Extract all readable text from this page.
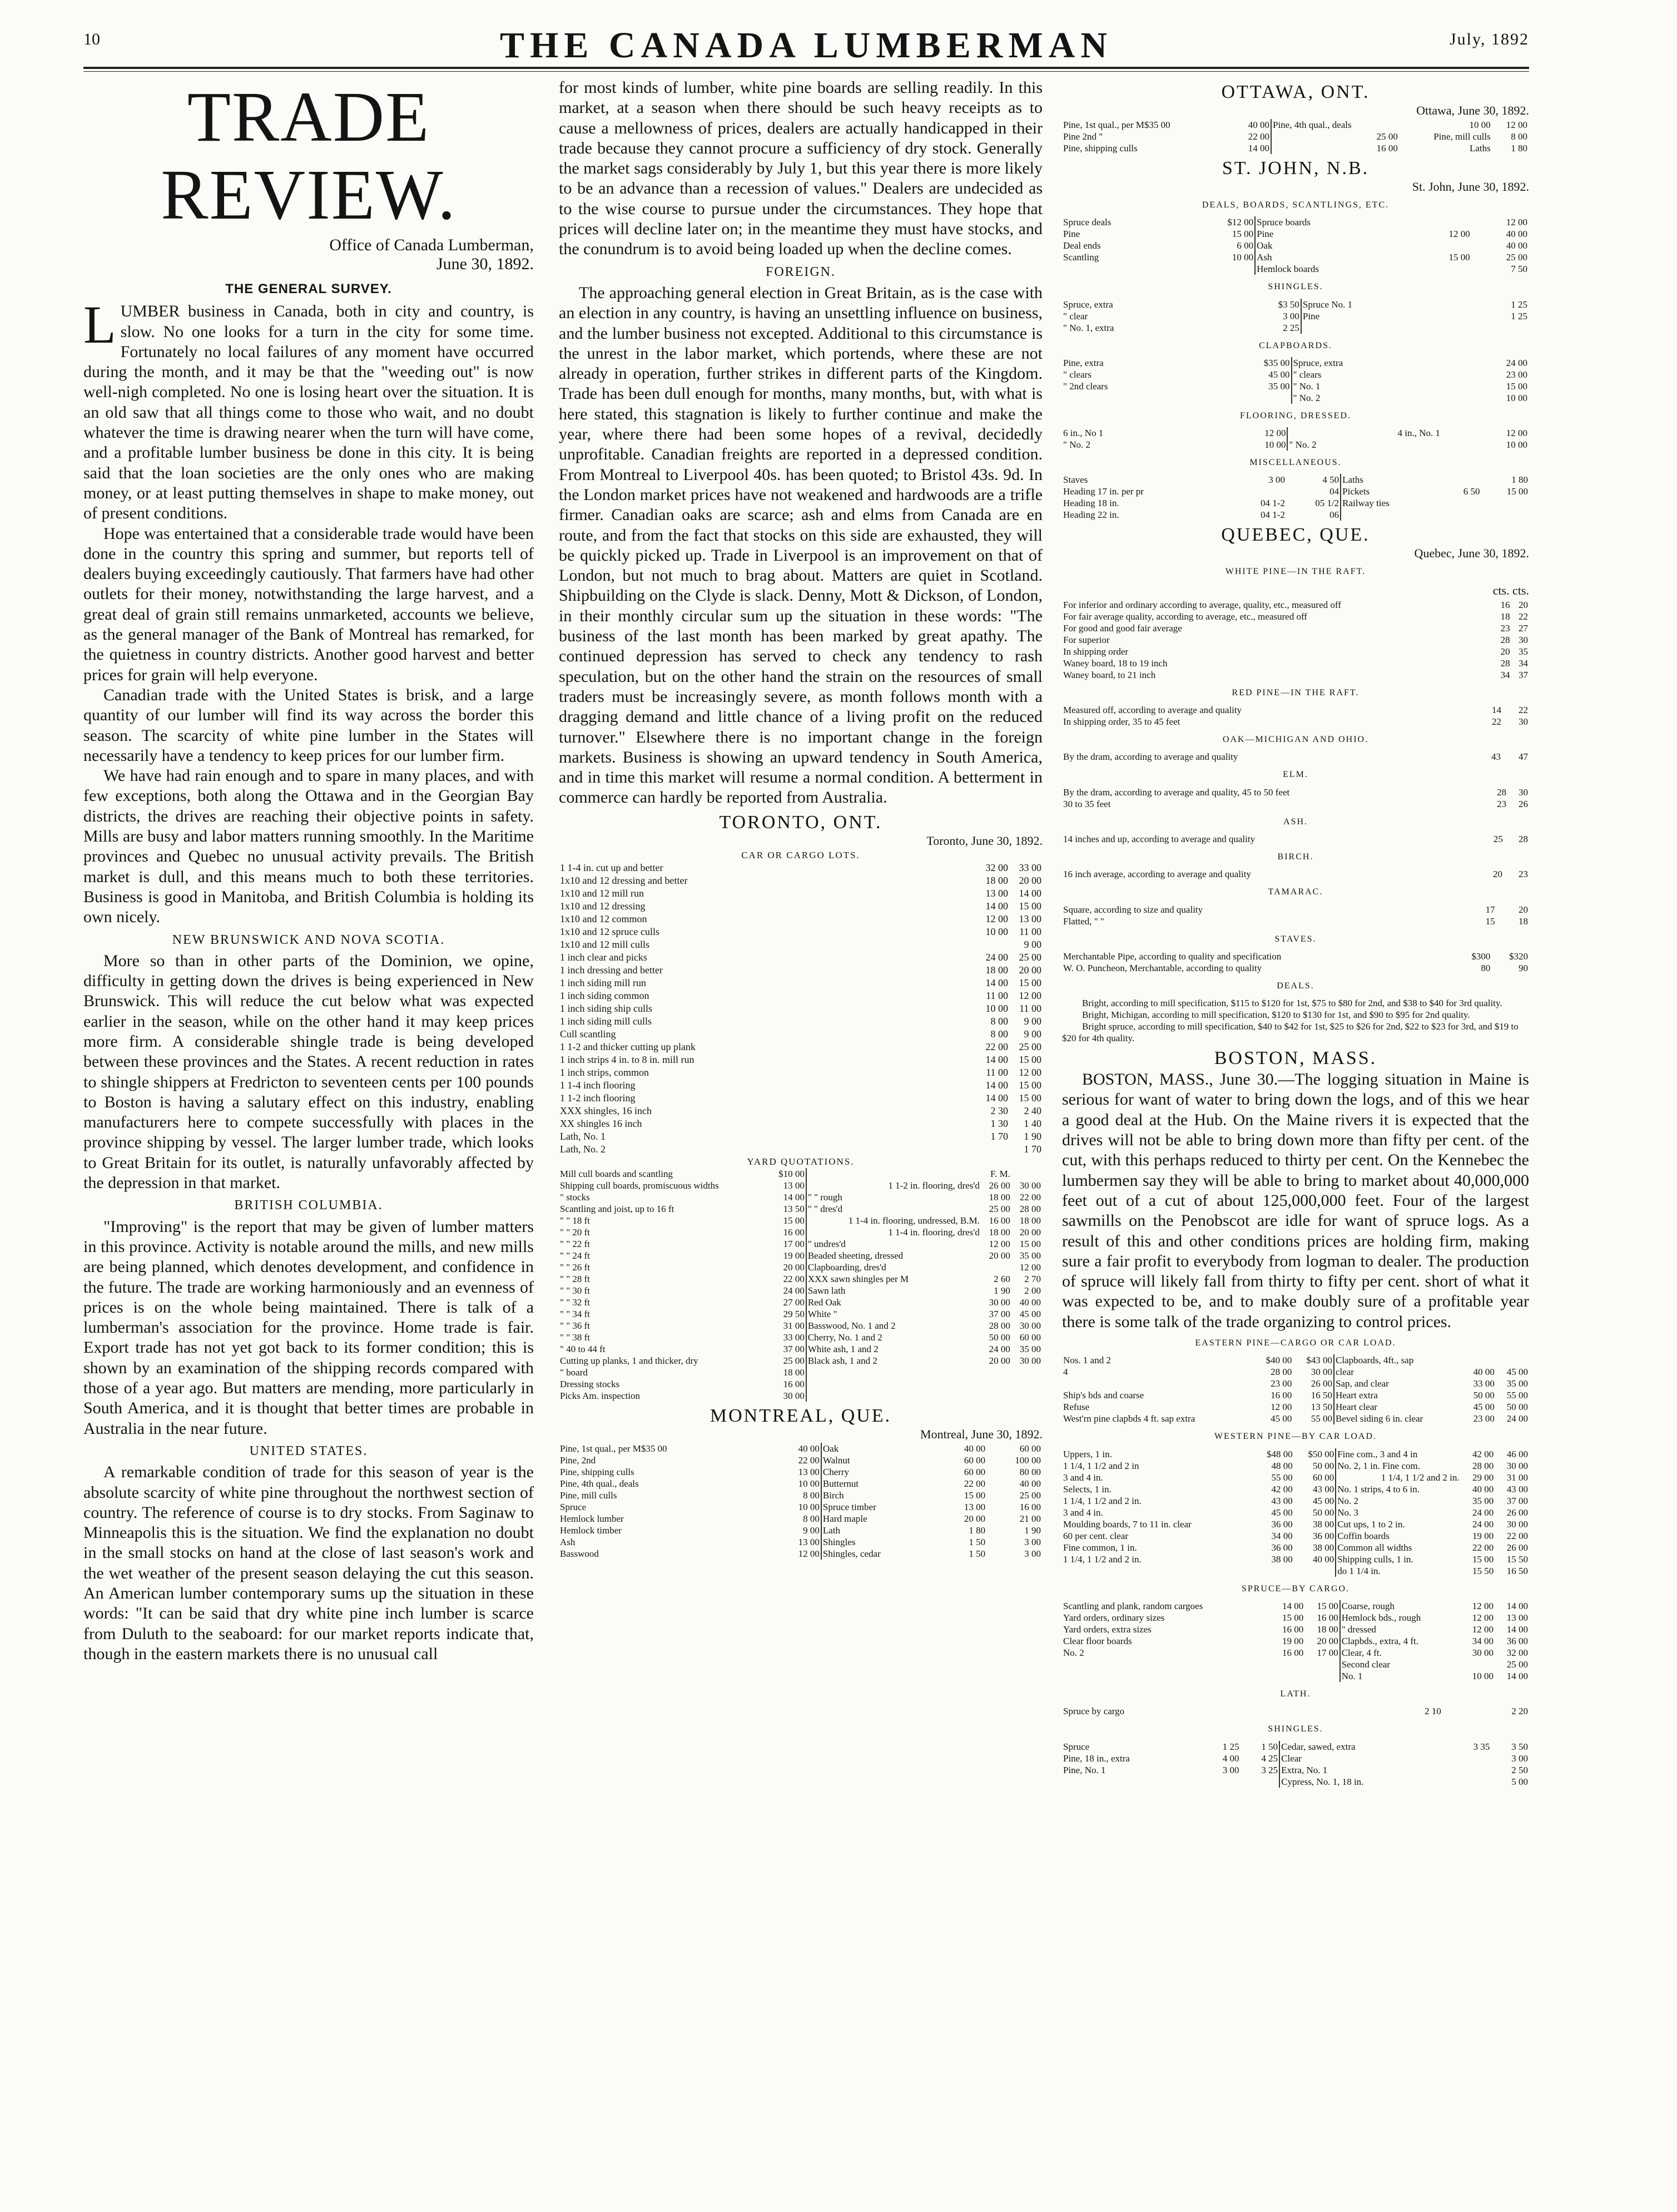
10	THE CANADA LUMBERMAN	July, 1892
TRADE REVIEW.
Office of Canada Lumberman,
June 30, 1892.
THE GENERAL SURVEY.

LUMBER business in Canada, both in city and country, is slow. No one looks for a turn in the city for some time. Fortunately no local failures of any moment have occurred during the month, and it may be that the "weeding out" is now well-nigh completed. No one is losing heart over the situation. It is an old saw that all things come to those who wait, and no doubt whatever the time is drawing nearer when the turn will have come, and a profitable lumber business be done in this city. It is being said that the loan societies are the only ones who are making money, or at least putting themselves in shape to make money, out of present conditions.

Hope was entertained that a considerable trade would have been done in the country this spring and summer, but reports tell of dealers buying exceedingly cautiously. That farmers have had other outlets for their money, notwithstanding the large harvest, and a great deal of grain still remains unmarketed, accounts we believe, as the general manager of the Bank of Montreal has remarked, for the quietness in country districts. Another good harvest and better prices for grain will help everyone.

Canadian trade with the United States is brisk, and a large quantity of our lumber will find its way across the border this season. The scarcity of white pine lumber in the States will necessarily have a tendency to keep prices for our lumber firm.

We have had rain enough and to spare in many places, and with few exceptions, both along the Ottawa and in the Georgian Bay districts, the drives are reaching their objective points in safety. Mills are busy and labor matters running smoothly. In the Maritime provinces and Quebec no unusual activity prevails. The British market is dull, and this means much to both these territories. Business is good in Manitoba, and British Columbia is holding its own nicely.

NEW BRUNSWICK AND NOVA SCOTIA.

More so than in other parts of the Dominion, we opine, difficulty in getting down the drives is being experienced in New Brunswick. This will reduce the cut below what was expected earlier in the season, while on the other hand it may keep prices more firm. A considerable shingle trade is being developed between these provinces and the States. A recent reduction in rates to shingle shippers at Fredricton to seventeen cents per 100 pounds to Boston is having a salutary effect on this industry, enabling manufacturers here to compete successfully with places in the province shipping by vessel. The larger lumber trade, which looks to Great Britain for its outlet, is naturally unfavorably affected by the depression in that market.

BRITISH COLUMBIA.

"Improving" is the report that may be given of lumber matters in this province. Activity is notable around the mills, and new mills are being planned, which denotes development, and confidence in the future. The trade are working harmoniously and an evenness of prices is on the whole being maintained. There is talk of a lumberman's association for the province. Home trade is fair. Export trade has not yet got back to its former condition; this is shown by an examination of the shipping records compared with those of a year ago. But matters are mending, more particularly in South America, and it is thought that better times are probable in Australia in the near future.

UNITED STATES.

A remarkable condition of trade for this season of year is the absolute scarcity of white pine throughout the northwest section of country. The reference of course is to dry stocks. From Saginaw to Minneapolis this is the situation. We find the explanation no doubt in the small stocks on hand at the close of last season's work and the wet weather of the present season delaying the cut this season. An American lumber contemporary sums up the situation in these words: "It can be said that dry white pine inch lumber is scarce from Duluth to the seaboard: for our market reports indicate that, though in the eastern markets there is no unusual call

for most kinds of lumber, white pine boards are selling readily. In this market, at a season when there should be such heavy receipts as to cause a mellowness of prices, dealers are actually handicapped in their trade because they cannot procure a sufficiency of dry stock. Generally the market sags considerably by July 1, but this year there is more likely to be an advance than a recession of values." Dealers are undecided as to the wise course to pursue under the circumstances. They hope that prices will decline later on; in the meantime they must have stocks, and the conundrum is to avoid being loaded up when the decline comes.

FOREIGN.

The approaching general election in Great Britain, as is the case with an election in any country, is having an unsettling influence on business, and the lumber business not excepted. Additional to this circumstance is the unrest in the labor market, which portends, where these are not already in operation, further strikes in different parts of the Kingdom. Trade has been dull enough for months, many months, but, with what is here stated, this stagnation is likely to further continue and make the year, where there had been some hopes of a revival, decidedly unprofitable. Canadian freights are reported in a depressed condition. From Montreal to Liverpool 40s. has been quoted; to Bristol 43s. 9d. In the London market prices have not weakened and hardwoods are a trifle firmer. Canadian oaks are scarce; ash and elms from Canada are en route, and from the fact that stocks on this side are exhausted, they will be quickly picked up. Trade in Liverpool is an improvement on that of London, but not much to brag about. Matters are quiet in Scotland. Shipbuilding on the Clyde is slack. Denny, Mott & Dickson, of London, in their monthly circular sum up the situation in these words: "The business of the last month has been marked by great apathy. The continued depression has served to check any tendency to rash speculation, but on the other hand the strain on the resources of small traders must be increasingly severe, as month follows month with a dragging demand and little chance of a living profit on the reduced turnover." Elsewhere there is no important change in the foreign markets. Business is showing an upward tendency in South America, and in time this market will resume a normal condition. A betterment in commerce can hardly be reported from Australia.

TORONTO, ONT.
Toronto, June 30, 1892.
CAR OR CARGO LOTS.
1 1-4 in. cut up and better	32 00	33 00
1x10 and 12 dressing and better	18 00	20 00
1x10 and 12 mill run	13 00	14 00
1x10 and 12 dressing	14 00	15 00
1x10 and 12 common	12 00	13 00
1x10 and 12 spruce culls	10 00	11 00
1x10 and 12 mill culls		9 00
1 inch clear and picks	24 00	25 00
1 inch dressing and better	18 00	20 00
1 inch siding mill run	14 00	15 00
1 inch siding common	11 00	12 00
1 inch siding ship culls	10 00	11 00
1 inch siding mill culls	8 00	9 00
Cull scantling	8 00	9 00
1 1-2 and thicker cutting up plank	22 00	25 00
1 inch strips 4 in. to 8 in. mill run	14 00	15 00
1 inch strips, common	11 00	12 00
1 1-4 inch flooring	14 00	15 00
1 1-2 inch flooring	14 00	15 00
XXX shingles, 16 inch	2 30	2 40
XX shingles 16 inch	1 30	1 40
Lath, No. 1	1 70	1 90
Lath, No. 2		1 70
YARD QUOTATIONS.
Mill cull boards and scantling	$10 00		F. M.	
Shipping cull boards, promiscuous widths	13 00	1 1-2 in. flooring, dres'd	26 00	30 00
" stocks	14 00	" " rough	18 00	22 00
Scantling and joist, up to 16 ft	13 50	" " dres'd	25 00	28 00
" " 18 ft	15 00	1 1-4 in. flooring, undressed, B.M.	16 00	18 00
" " 20 ft	16 00	1 1-4 in. flooring, dres'd	18 00	20 00
" " 22 ft	17 00	" undres'd	12 00	15 00
" " 24 ft	19 00	Beaded sheeting, dressed	20 00	35 00
" " 26 ft	20 00	Clapboarding, dres'd		12 00
" " 28 ft	22 00	XXX sawn shingles per M	2 60	2 70
" " 30 ft	24 00	Sawn lath	1 90	2 00
" " 32 ft	27 00	Red Oak	30 00	40 00
" " 34 ft	29 50	White "	37 00	45 00
" " 36 ft	31 00	Basswood, No. 1 and 2	28 00	30 00
" " 38 ft	33 00	Cherry, No. 1 and 2	50 00	60 00
" 40 to 44 ft	37 00	White ash, 1 and 2	24 00	35 00
Cutting up planks, 1 and thicker, dry	25 00	Black ash, 1 and 2	20 00	30 00
" board	18 00			
Dressing stocks	16 00			
Picks Am. inspection	30 00			
MONTREAL, QUE.
Montreal, June 30, 1892.
Pine, 1st qual., per M$35 00	40 00	Oak	40 00	60 00
Pine, 2nd	22 00	Walnut	60 00	100 00
Pine, shipping culls	13 00	Cherry	60 00	80 00
Pine, 4th qual., deals	10 00	Butternut	22 00	40 00
Pine, mill culls	8 00	Birch	15 00	25 00
Spruce	10 00	Spruce timber	13 00	16 00
Hemlock lumber	8 00	Hard maple	20 00	21 00
Hemlock timber	9 00	Lath	1 80	1 90
Ash	13 00	Shingles	1 50	3 00
Basswood	12 00	Shingles, cedar	1 50	3 00
OTTAWA, ONT.
Ottawa, June 30, 1892.
Pine, 1st qual., per M$35 00	40 00	Pine, 4th qual., deals	10 00	12 00
Pine 2nd "	22 00	25 00	Pine, mill culls	8 00
Pine, shipping culls	14 00	16 00	Laths	1 80
ST. JOHN, N.B.
St. John, June 30, 1892.
DEALS, BOARDS, SCANTLINGS, ETC.
Spruce deals	$12 00	Spruce boards		12 00
Pine	15 00	Pine	12 00	40 00
Deal ends	6 00	Oak		40 00
Scantling	10 00	Ash	15 00	25 00
		Hemlock boards		7 50
SHINGLES.
Spruce, extra	$3 50	Spruce No. 1		1 25
" clear	3 00	Pine		1 25
" No. 1, extra	2 25			
CLAPBOARDS.
Pine, extra	$35 00	Spruce, extra		24 00
" clears	45 00	" clears		23 00
" 2nd clears	35 00	" No. 1		15 00
		" No. 2		10 00
FLOORING, DRESSED.
6 in., No 1	12 00	4 in., No. 1		12 00
" No. 2	10 00	" No. 2		10 00
MISCELLANEOUS.
Staves	3 00	4 50	Laths		1 80
Heading 17 in. per pr		04	Pickets	6 50	15 00
Heading 18 in.	04 1-2	05 1/2	Railway ties		
Heading 22 in.	04 1-2	06			
QUEBEC, QUE.
Quebec, June 30, 1892.
WHITE PINE—IN THE RAFT.
cts. cts.
For inferior and ordinary according to average, quality, etc., measured off	16	20
For fair average quality, according to average, etc., measured off	18	22
For good and good fair average	23	27
For superior	28	30
In shipping order	20	35
Waney board, 18 to 19 inch	28	34
Waney board, to 21 inch	34	37
RED PINE—IN THE RAFT.
Measured off, according to average and quality	14	22
In shipping order, 35 to 45 feet	22	30
OAK—MICHIGAN AND OHIO.
By the dram, according to average and quality	43	47
ELM.
By the dram, according to average and quality, 45 to 50 feet	28	30
30 to 35 feet	23	26
ASH.
14 inches and up, according to average and quality	25	28
BIRCH.
16 inch average, according to average and quality	20	23
TAMARAC.
Square, according to size and quality	17	20
Flatted, " "	15	18
STAVES.
Merchantable Pipe, according to quality and specification	$300	$320
W. O. Puncheon, Merchantable, according to quality	80	90
DEALS.

Bright, according to mill specification, $115 to $120 for 1st, $75 to $80 for 2nd, and $38 to $40 for 3rd quality.

Bright, Michigan, according to mill specification, $120 to $130 for 1st, and $90 to $95 for 2nd quality.

Bright spruce, according to mill specification, $40 to $42 for 1st, $25 to $26 for 2nd, $22 to $23 for 3rd, and $19 to $20 for 4th quality.

BOSTON, MASS.

BOSTON, MASS., June 30.—The logging situation in Maine is serious for want of water to bring down the logs, and of this we hear a good deal at the Hub. On the Maine rivers it is expected that the drives will not be able to bring down more than fifty per cent. of the cut, with this perhaps reduced to thirty per cent. On the Kennebec the lumbermen say they will be able to bring to market about 40,000,000 feet out of a cut of about 125,000,000 feet. Four of the largest sawmills on the Penobscot are idle for want of spruce logs. As a result of this and other conditions prices are holding firm, making sure a fair profit to everybody from logman to dealer. The production of spruce will likely fall from thirty to fifty per cent. short of what it was expected to be, and to make doubly sure of a profitable year there is some talk of the trade organizing to control prices.

EASTERN PINE—CARGO OR CAR LOAD.
Nos. 1 and 2	$40 00	$43 00	Clapboards, 4ft., sap		
4	28 00	30 00	clear	40 00	45 00
	23 00	26 00	Sap, and clear	33 00	35 00
Ship's bds and coarse	16 00	16 50	Heart extra	50 00	55 00
Refuse	12 00	13 50	Heart clear	45 00	50 00
West'rn pine clapbds 4 ft. sap extra	45 00	55 00	Bevel siding 6 in. clear	23 00	24 00
WESTERN PINE—BY CAR LOAD.
Uppers, 1 in.	$48 00	$50 00	Fine com., 3 and 4 in	42 00	46 00
1 1/4, 1 1/2 and 2 in	48 00	50 00	No. 2, 1 in. Fine com.	28 00	30 00
3 and 4 in.	55 00	60 00	1 1/4, 1 1/2 and 2 in.	29 00	31 00
Selects, 1 in.	42 00	43 00	No. 1 strips, 4 to 6 in.	40 00	43 00
1 1/4, 1 1/2 and 2 in.	43 00	45 00	No. 2	35 00	37 00
3 and 4 in.	45 00	50 00	No. 3	24 00	26 00
Moulding boards, 7 to 11 in. clear	36 00	38 00	Cut ups, 1 to 2 in.	24 00	30 00
60 per cent. clear	34 00	36 00	Coffin boards	19 00	22 00
Fine common, 1 in.	36 00	38 00	Common all widths	22 00	26 00
1 1/4, 1 1/2 and 2 in.	38 00	40 00	Shipping culls, 1 in.	15 00	15 50
			do 1 1/4 in.	15 50	16 50
SPRUCE—BY CARGO.
Scantling and plank, random cargoes	14 00	15 00	Coarse, rough	12 00	14 00
Yard orders, ordinary sizes	15 00	16 00	Hemlock bds., rough	12 00	13 00
Yard orders, extra sizes	16 00	18 00	" dressed	12 00	14 00
Clear floor boards	19 00	20 00	Clapbds., extra, 4 ft.	34 00	36 00
No. 2	16 00	17 00	Clear, 4 ft.	30 00	32 00
			Second clear		25 00
			No. 1	10 00	14 00
LATH.
Spruce by cargo	2 10	2 20
SHINGLES.
Spruce	1 25	1 50	Cedar, sawed, extra	3 35	3 50
Pine, 18 in., extra	4 00	4 25	Clear		3 00
Pine, No. 1	3 00	3 25	Extra, No. 1		2 50
			Cypress, No. 1, 18 in.		5 00
